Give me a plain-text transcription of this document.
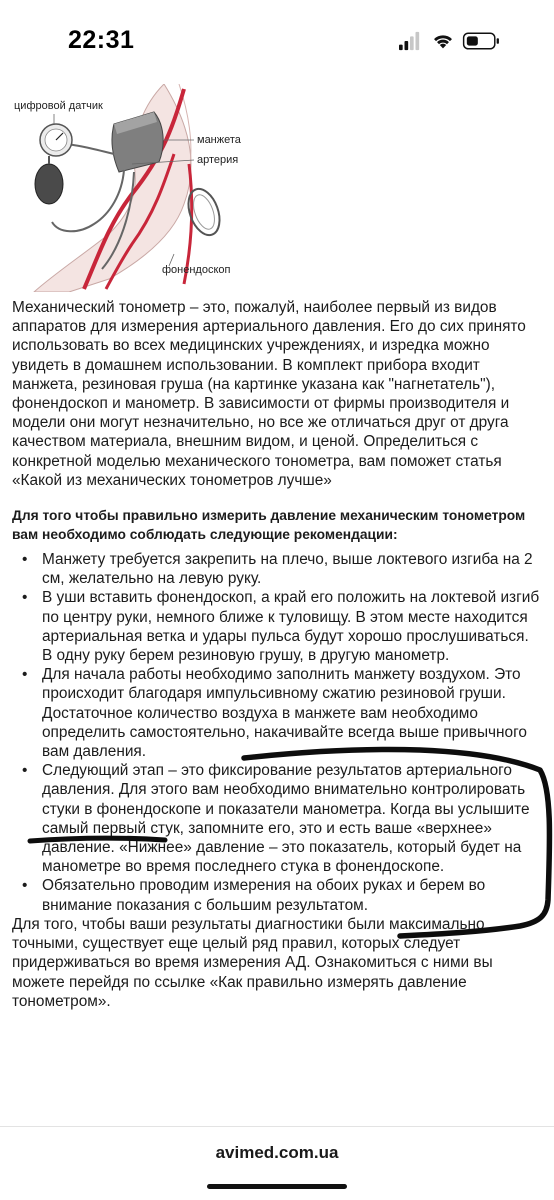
22:31
цифровой датчик
манжета
артерия
фонендоскоп

Механический тонометр – это, пожалуй, наиболее первый из видов аппаратов для измерения артериального давления. Его до сих принято использовать во всех медицинских учреждениях, и изредка можно увидеть в домашнем использовании. В комплект прибора входит манжета, резиновая груша (на картинке указана как "нагнетатель"), фонендоскоп и манометр. В зависимости от фирмы производителя и модели они могут незначительно, но все же отличаться друг от друга качеством материала, внешним видом, и ценой. Определиться с конкретной моделью механического тонометра, вам поможет статья «Какой из механических тонометров лучше»

Для того чтобы правильно измерить давление механическим тонометром вам необходимо соблюдать следующие рекомендации:

• Манжету требуется закрепить на плечо, выше локтевого изгиба на 2 см, желательно на левую руку.
• В уши вставить фонендоскоп, а край его положить на локтевой изгиб по центру руки, немного ближе к туловищу. В этом месте находится артериальная ветка и удары пульса будут хорошо прослушиваться. В одну руку берем резиновую грушу, в другую манометр.
• Для начала работы необходимо заполнить манжету воздухом. Это происходит благодаря импульсивному сжатию резиновой груши. Достаточное количество воздуха в манжете вам необходимо определить самостоятельно, накачивайте всегда выше привычного вам давления.
• Следующий этап – это фиксирование результатов артериального давления. Для этого вам необходимо внимательно контролировать стуки в фонендоскопе и показатели манометра. Когда вы услышите самый первый стук, запомните его, это и есть ваше «верхнее» давление. «Нижнее» давление – это показатель, который будет на манометре во время последнего стука в фонендоскопе.
• Обязательно проводим измерения на обоих руках и берем во внимание показания с большим результатом.

Для того, чтобы ваши результаты диагностики были максимально точными, существует еще целый ряд правил, которых следует придерживаться во время измерения АД. Ознакомиться с ними вы можете перейдя по ссылке «Как правильно измерять давление тонометром».

avimed.com.ua
